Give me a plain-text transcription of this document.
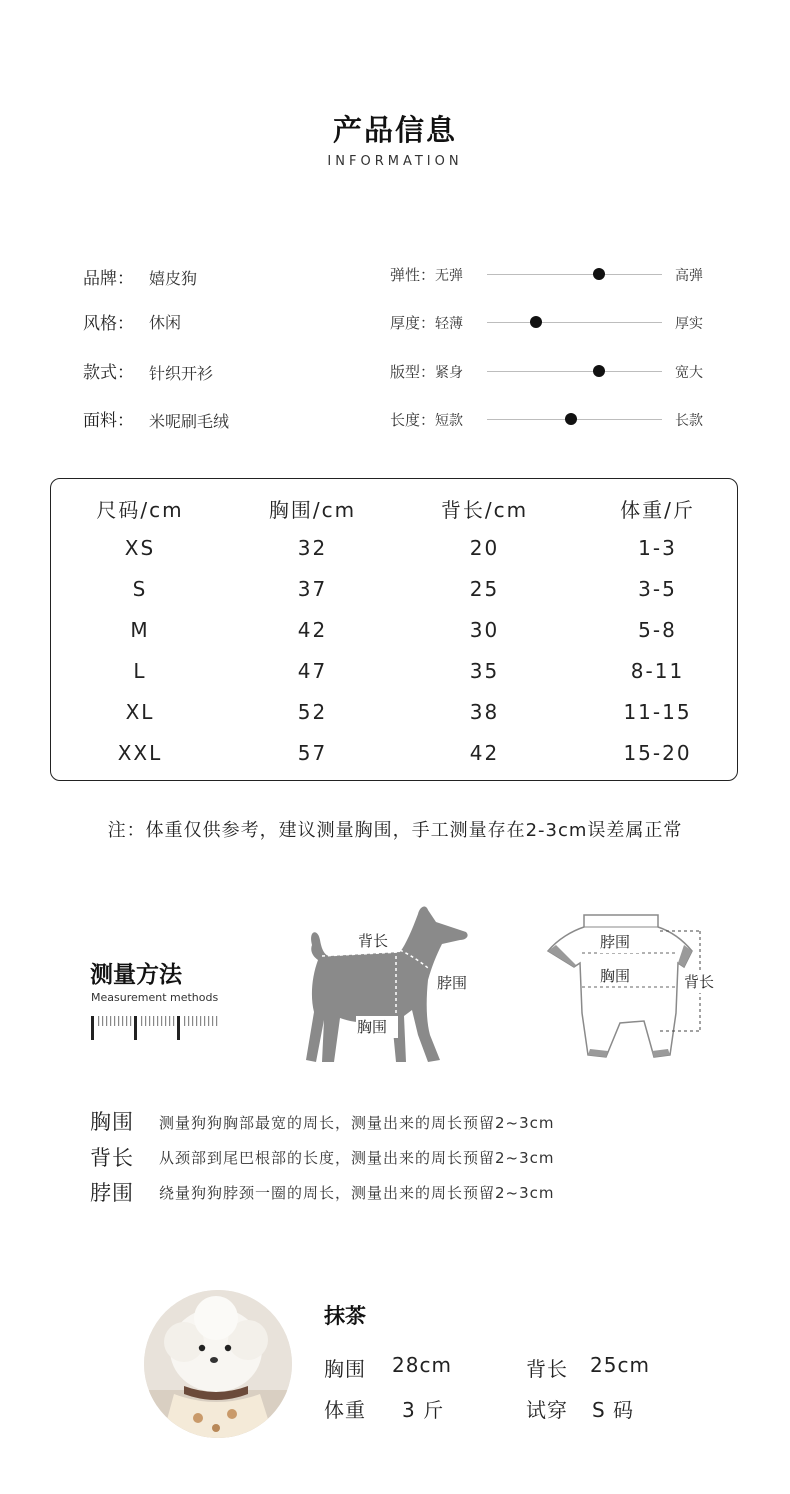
产品信息
INFORMATION
品牌： 嬉皮狗
风格： 休闲
款式： 针织开衫
面料： 米呢刷毛绒
弹性：无弹	高弹
厚度：轻薄	厚实
版型：紧身	宽大
长度：短款	长款
尺码/cm	胸围/cm	背长/cm	体重/斤
XS	32	20	1-3
S	37	25	3-5
M	42	30	5-8
L	47	35	8-11
XL	52	38	11-15
XXL	57	42	15-20
注：体重仅供参考，建议测量胸围，手工测量存在2-3cm误差属正常
测量方法
Measurement methods
背长
脖围
胸围
脖围
胸围	背长
胸围 测量狗狗胸部最宽的周长，测量出来的周长预留2~3cm
背长 从颈部到尾巴根部的长度，测量出来的周长预留2~3cm
脖围 绕量狗狗脖颈一圈的周长，测量出来的周长预留2~3cm
抹茶
胸围 28cm	背长 25cm
体重 3 斤	试穿 S 码
